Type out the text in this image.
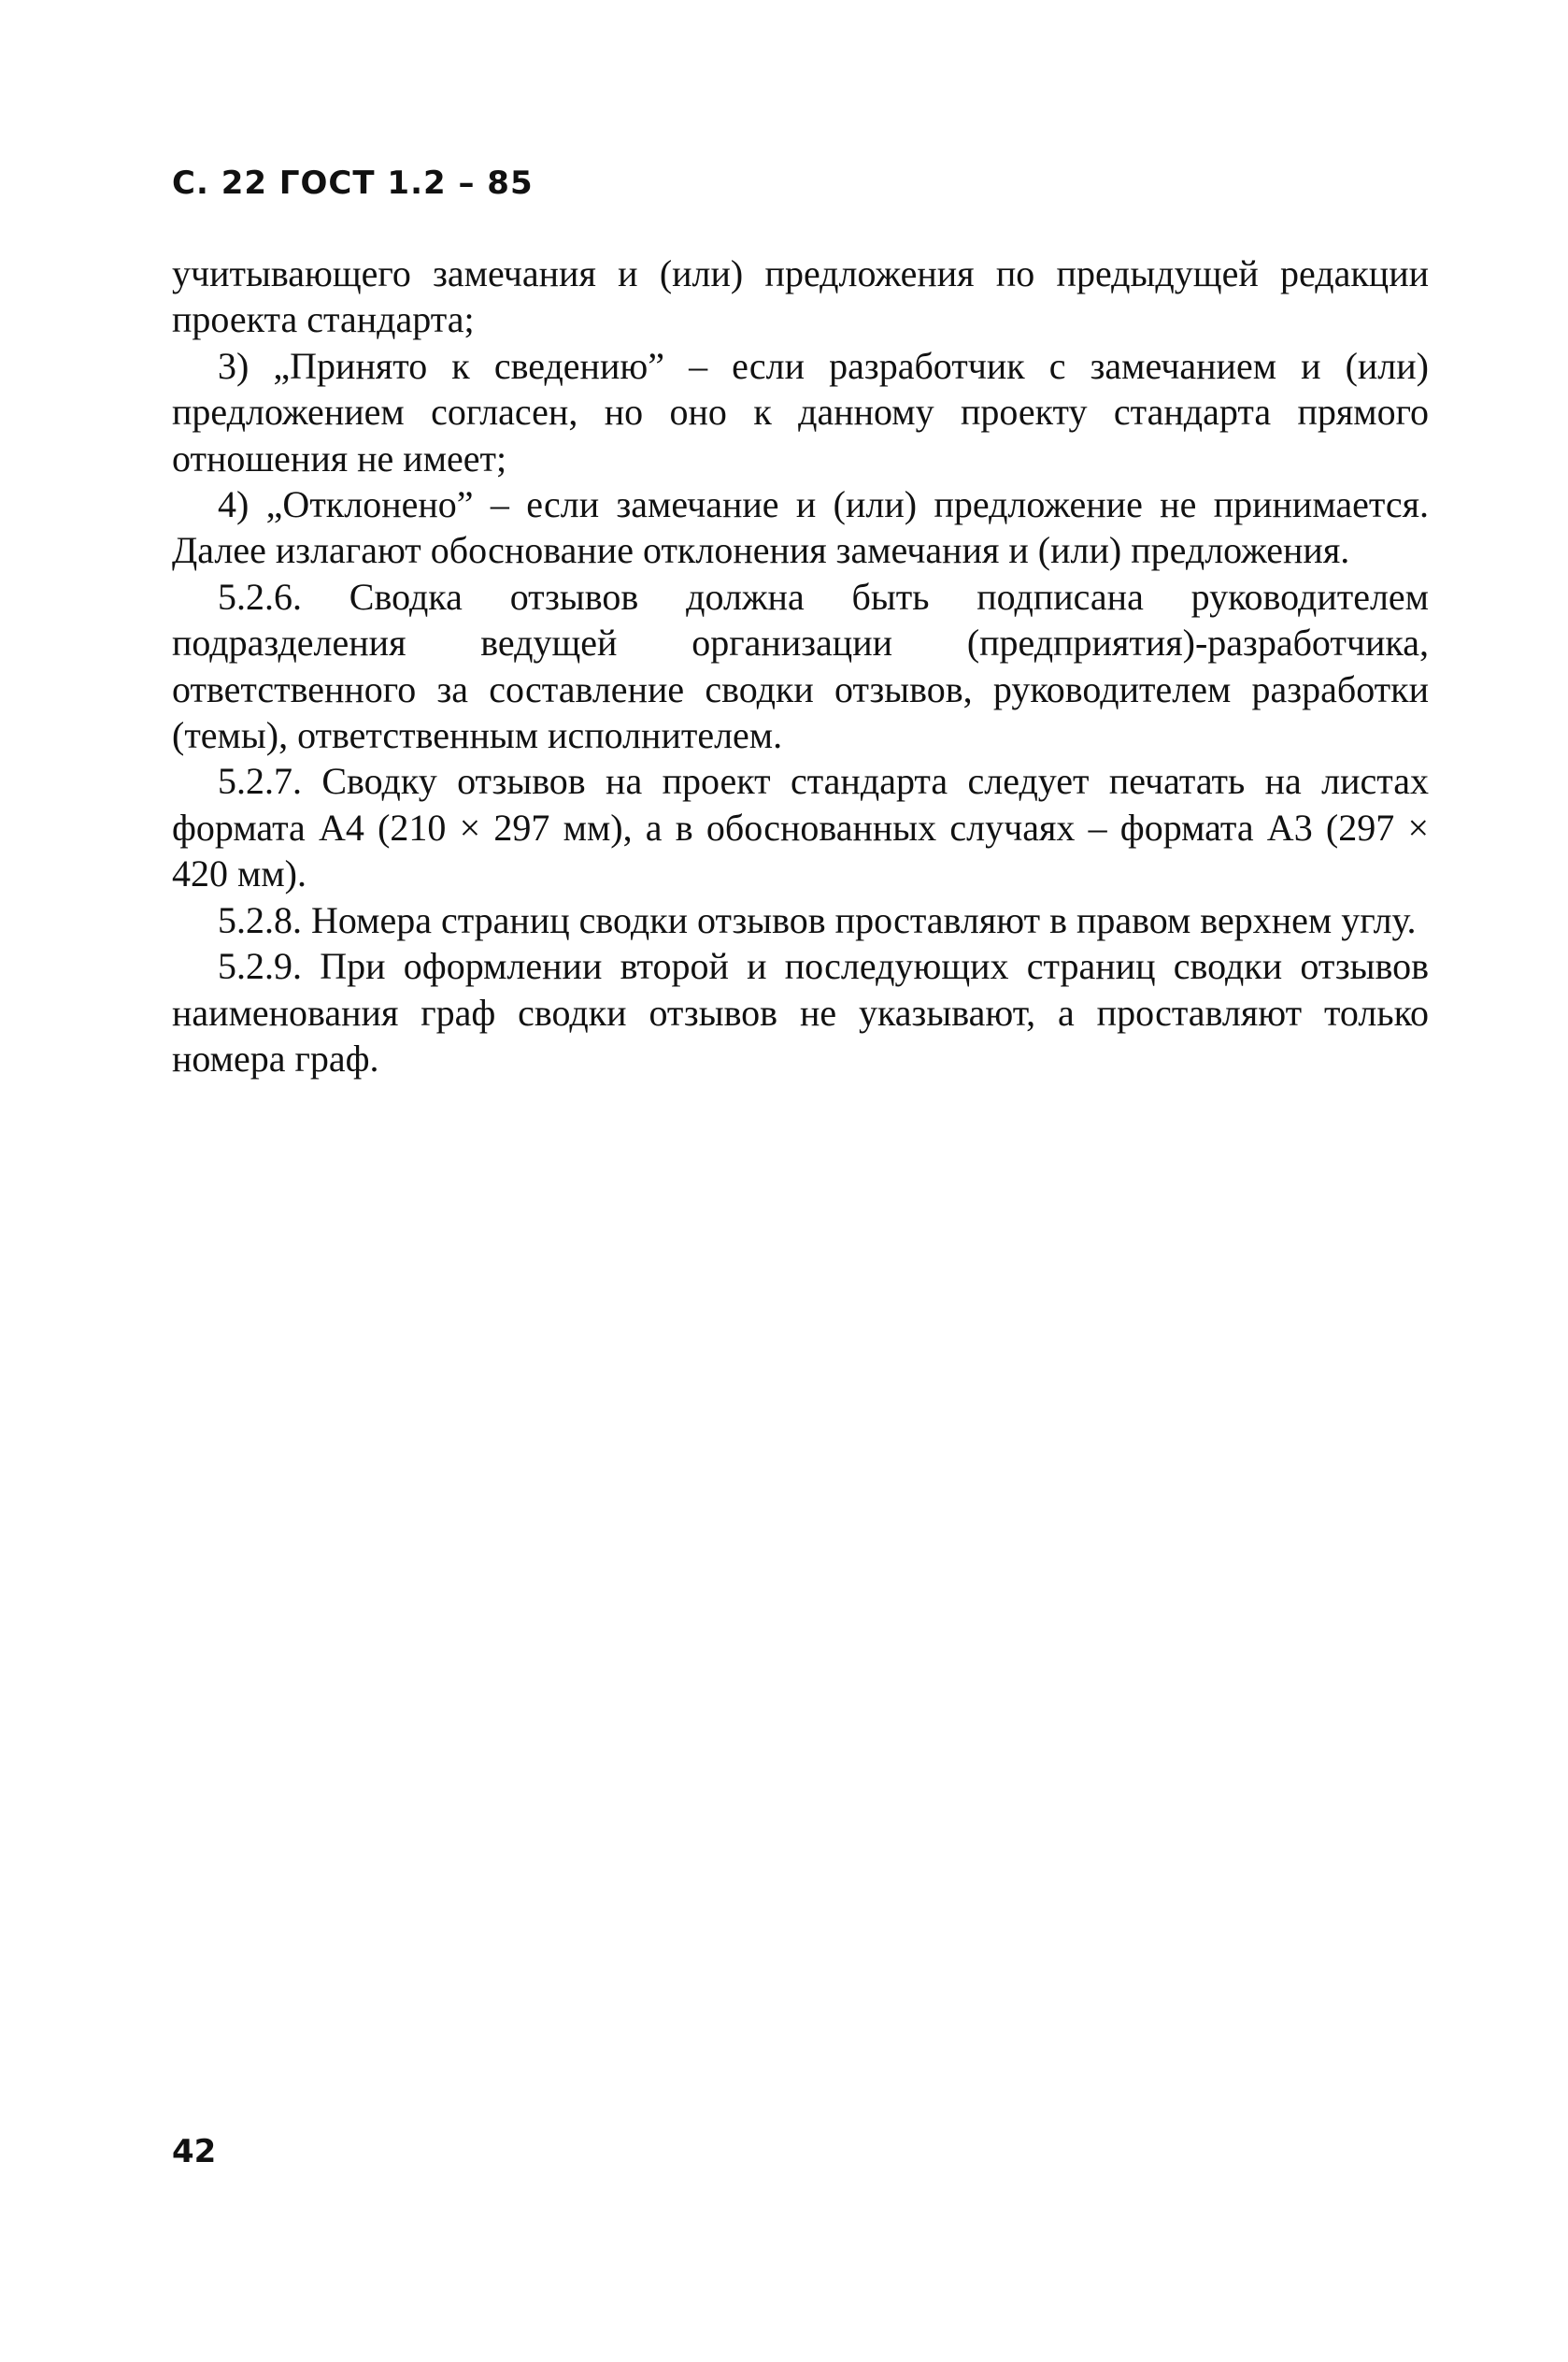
С. 22 ГОСТ 1.2 – 85

учитывающего замечания и (или) предложения по предыдущей редакции проекта стандарта;

3) „Принято к сведению” – если разработчик с замечанием и (или) предложением согласен, но оно к данному проекту стандарта прямого отношения не имеет;

4) „Отклонено” – если замечание и (или) предложение не принимается. Далее излагают обоснование отклонения замечания и (или) предложения.

5.2.6. Сводка отзывов должна быть подписана руководителем подразделения ведущей организации (предприятия)-разработчика, ответственного за составление сводки отзывов, руководителем разработки (темы), ответственным исполнителем.

5.2.7. Сводку отзывов на проект стандарта следует печатать на листах формата А4 (210 × 297 мм), а в обоснованных случаях – формата А3 (297 × 420 мм).

5.2.8. Номера страниц сводки отзывов проставляют в правом верхнем углу.

5.2.9. При оформлении второй и последующих страниц сводки отзывов наименования граф сводки отзывов не указывают, а проставляют только номера граф.

42
